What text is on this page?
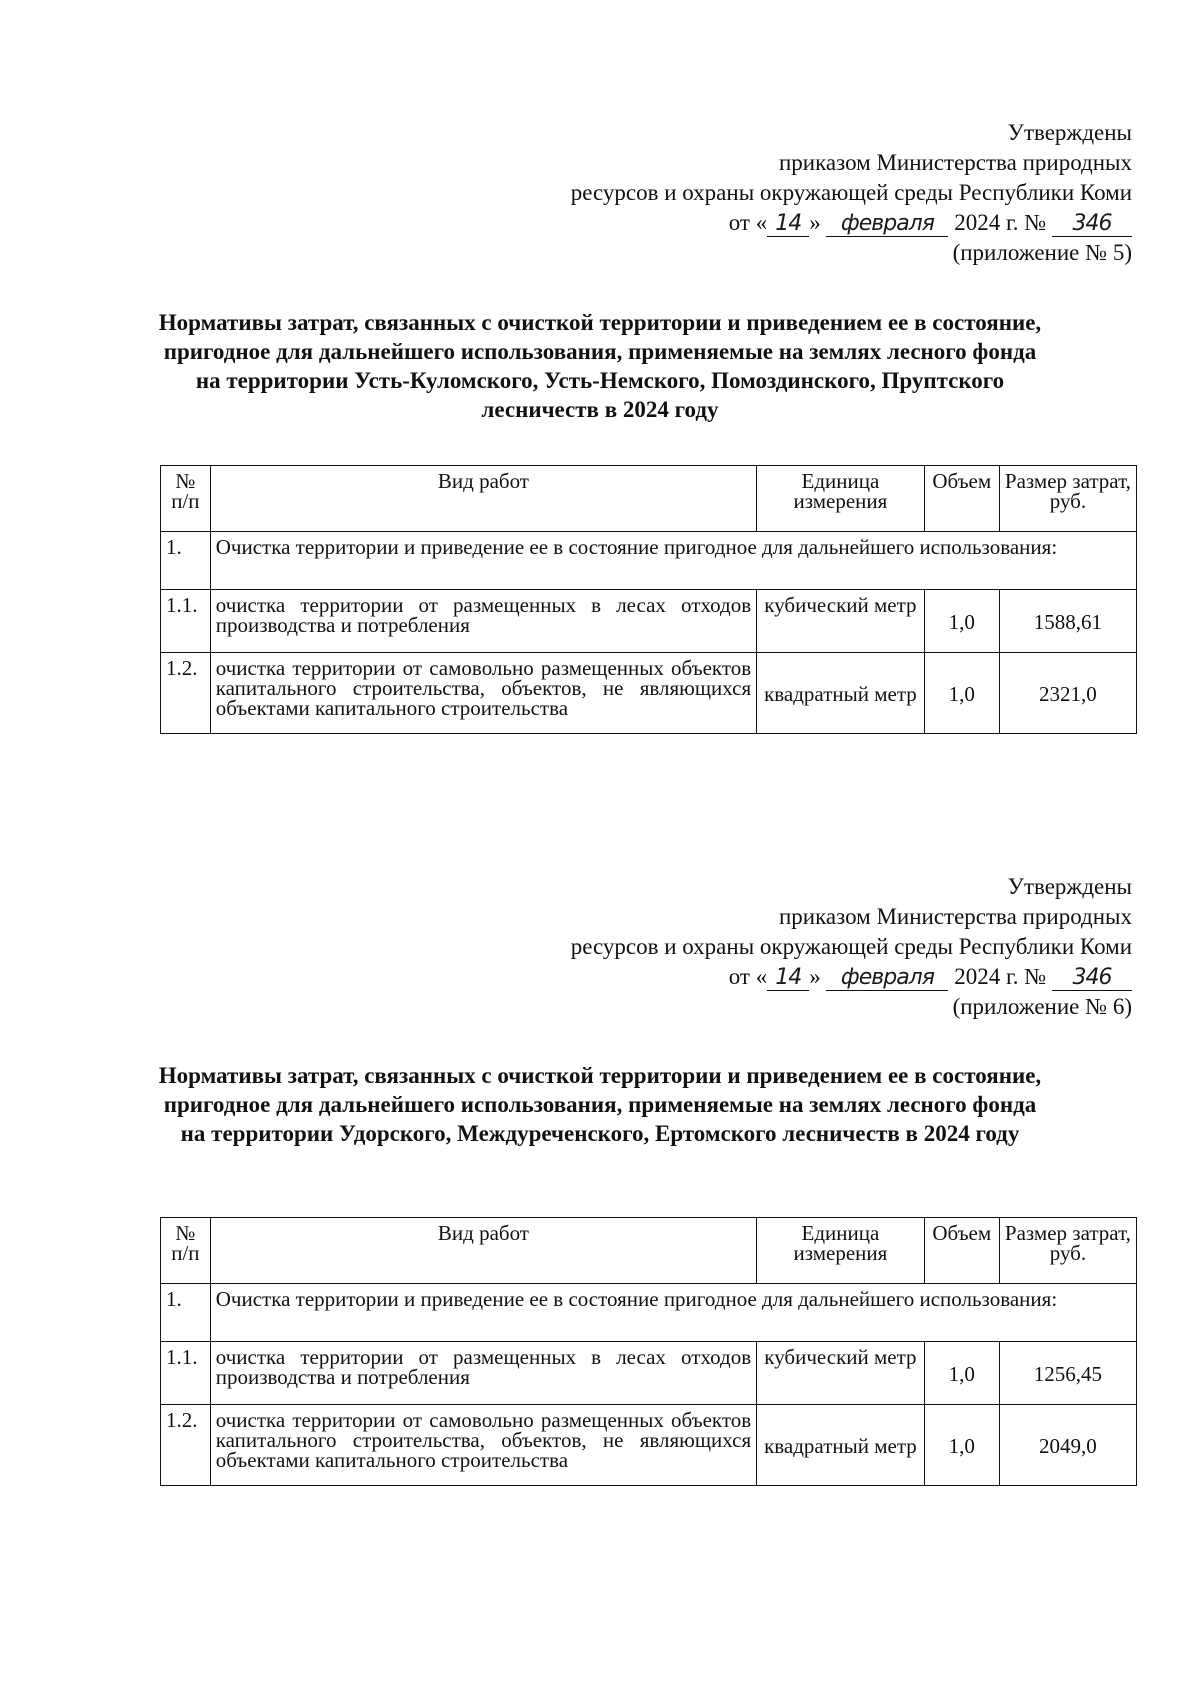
Утверждены
приказом Министерства природных
ресурсов и охраны окружающей среды Республики Коми
от « 14 » февраля 2024 г. № 346
(приложение № 5)
Нормативы затрат, связанных с очисткой территории и приведением ее в состояние, пригодное для дальнейшего использования, применяемые на землях лесного фонда на территории Усть-Куломского, Усть-Немского, Помоздинского, Пруптского лесничеств в 2024 году
№ п/п	Вид работ	Единица измерения	Объем	Размер затрат, руб.
1.	Очистка территории и приведение ее в состояние пригодное для дальнейшего использования:			
1.1.	очистка территории от размещенных в лесах отходов производства и потребления	кубический метр	1,0	1588,61
1.2.	очистка территории от самовольно размещенных объектов капитального строительства, объектов, не являющихся объектами капитального строительства	квадратный метр	1,0	2321,0
Утверждены
приказом Министерства природных
ресурсов и охраны окружающей среды Республики Коми
от « 14 » февраля 2024 г. № 346
(приложение № 6)
Нормативы затрат, связанных с очисткой территории и приведением ее в состояние, пригодное для дальнейшего использования, применяемые на землях лесного фонда на территории Удорского, Междуреченского, Ертомского лесничеств в 2024 году
№ п/п	Вид работ	Единица измерения	Объем	Размер затрат, руб.
1.	Очистка территории и приведение ее в состояние пригодное для дальнейшего использования:			
1.1.	очистка территории от размещенных в лесах отходов производства и потребления	кубический метр	1,0	1256,45
1.2.	очистка территории от самовольно размещенных объектов капитального строительства, объектов, не являющихся объектами капитального строительства	квадратный метр	1,0	2049,0
